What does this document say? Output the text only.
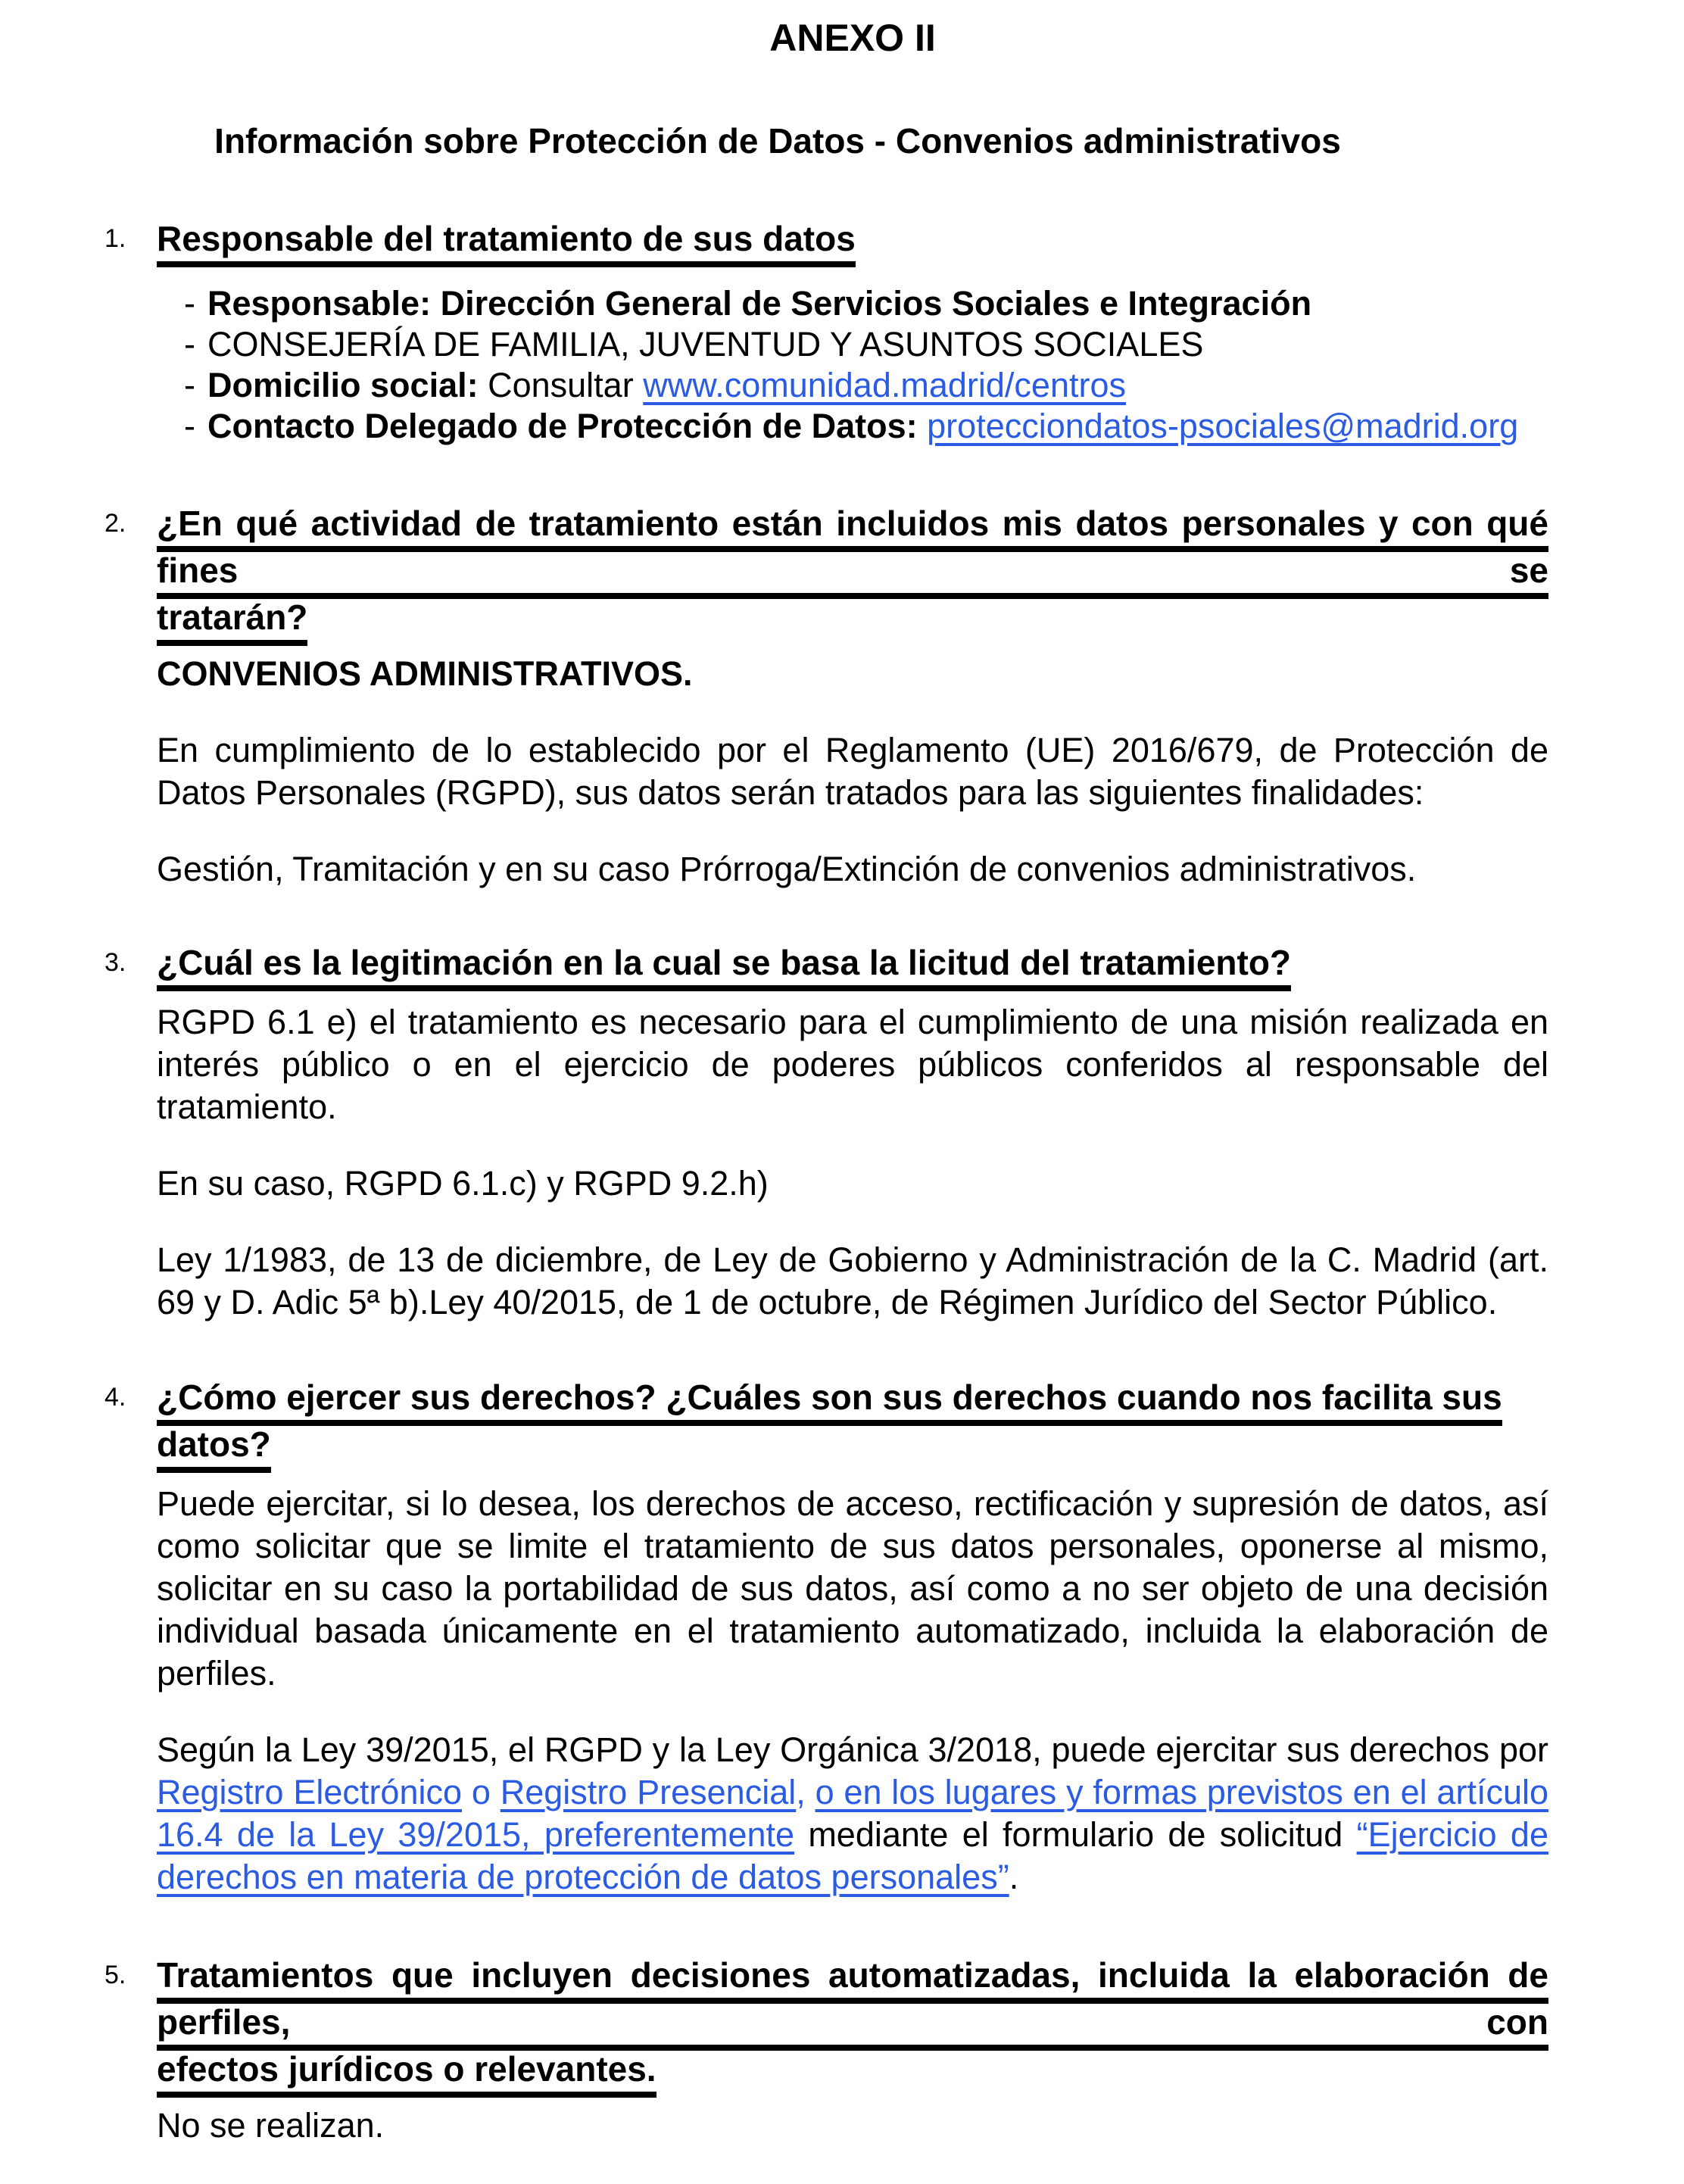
ANEXO II
Información sobre Protección de Datos - Convenios administrativos
1. Responsable del tratamiento de sus datos
- Responsable: Dirección General de Servicios Sociales e Integración
- CONSEJERÍA DE FAMILIA, JUVENTUD Y ASUNTOS SOCIALES
- Domicilio social: Consultar www.comunidad.madrid/centros
- Contacto Delegado de Protección de Datos: protecciondatos-psociales@madrid.org
2. ¿En qué actividad de tratamiento están incluidos mis datos personales y con qué fines se
tratarán?

CONVENIOS ADMINISTRATIVOS.

En cumplimiento de lo establecido por el Reglamento (UE) 2016/679, de Protección de Datos Personales (RGPD), sus datos serán tratados para las siguientes finalidades:

Gestión, Tramitación y en su caso Prórroga/Extinción de convenios administrativos.

3. ¿Cuál es la legitimación en la cual se basa la licitud del tratamiento?

RGPD 6.1 e) el tratamiento es necesario para el cumplimiento de una misión realizada en interés público o en el ejercicio de poderes públicos conferidos al responsable del tratamiento.

En su caso, RGPD 6.1.c) y RGPD 9.2.h)

Ley 1/1983, de 13 de diciembre, de Ley de Gobierno y Administración de la C. Madrid (art. 69 y D. Adic 5ª b).Ley 40/2015, de 1 de octubre, de Régimen Jurídico del Sector Público.

4. ¿Cómo ejercer sus derechos? ¿Cuáles son sus derechos cuando nos facilita sus datos?

Puede ejercitar, si lo desea, los derechos de acceso, rectificación y supresión de datos, así como solicitar que se limite el tratamiento de sus datos personales, oponerse al mismo, solicitar en su caso la portabilidad de sus datos, así como a no ser objeto de una decisión individual basada únicamente en el tratamiento automatizado, incluida la elaboración de perfiles.

Según la Ley 39/2015, el RGPD y la Ley Orgánica 3/2018, puede ejercitar sus derechos por Registro Electrónico o Registro Presencial, o en los lugares y formas previstos en el artículo 16.4 de la Ley 39/2015, preferentemente mediante el formulario de solicitud “Ejercicio de derechos en materia de protección de datos personales”.

5. Tratamientos que incluyen decisiones automatizadas, incluida la elaboración de perfiles, con
efectos jurídicos o relevantes.

No se realizan.
